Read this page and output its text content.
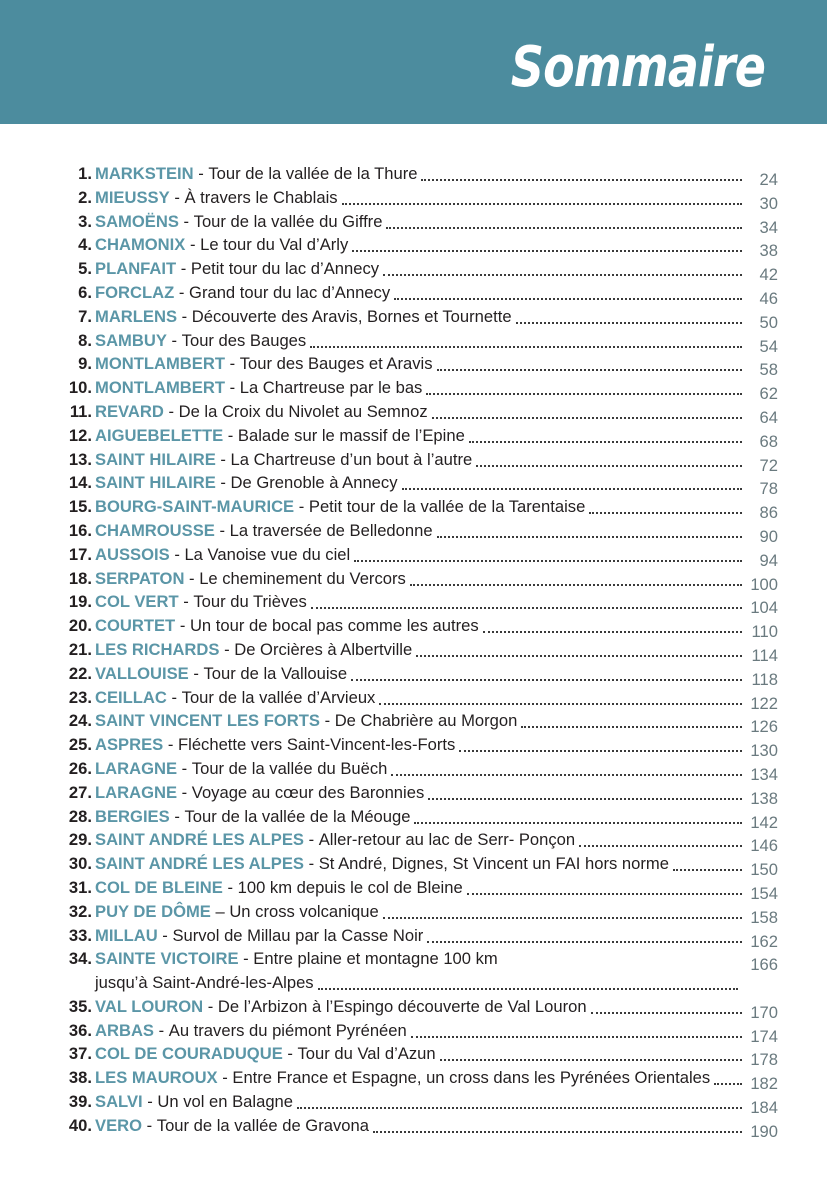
Sommaire
1. MARKSTEIN - Tour de la vallée de la Thure	24
2. MIEUSSY - À travers le Chablais	30
3. SAMOËNS - Tour de la vallée du Giffre	34
4. CHAMONIX - Le tour du Val d’Arly	38
5. PLANFAIT - Petit tour du lac d’Annecy	42
6. FORCLAZ - Grand tour du lac d’Annecy	46
7. MARLENS - Découverte des Aravis, Bornes et Tournette	50
8. SAMBUY - Tour des Bauges	54
9. MONTLAMBERT - Tour des Bauges et Aravis	58
10. MONTLAMBERT - La Chartreuse par le bas	62
11. REVARD - De la Croix du Nivolet au Semnoz	64
12. AIGUEBELETTE - Balade sur le massif de l’Epine	68
13. SAINT HILAIRE - La Chartreuse d’un bout à l’autre	72
14. SAINT HILAIRE - De Grenoble à Annecy	78
15. BOURG-SAINT-MAURICE - Petit tour de la vallée de la Tarentaise	86
16. CHAMROUSSE - La traversée de Belledonne	90
17. AUSSOIS - La Vanoise vue du ciel	94
18. SERPATON - Le cheminement du Vercors	100
19. COL VERT - Tour du Trièves	104
20. COURTET - Un tour de bocal pas comme les autres	110
21. LES RICHARDS - De Orcières à Albertville	114
22. VALLOUISE - Tour de la Vallouise	118
23. CEILLAC - Tour de la vallée d’Arvieux	122
24. SAINT VINCENT LES FORTS - De Chabrière au Morgon	126
25. ASPRES - Fléchette vers Saint-Vincent-les-Forts	130
26. LARAGNE - Tour de la vallée du Buëch	134
27. LARAGNE - Voyage au cœur des Baronnies	138
28. BERGIES - Tour de la vallée de la Méouge	142
29. SAINT ANDRÉ LES ALPES - Aller-retour au lac de Serr- Ponçon	146
30. SAINT ANDRÉ LES ALPES - St André, Dignes, St Vincent un FAI hors norme	150
31. COL DE BLEINE - 100 km depuis le col de Bleine	154
32. PUY DE DÔME – Un cross volcanique	158
33. MILLAU - Survol de Millau par la Casse Noir	162
34. SAINTE VICTOIRE - Entre plaine et montagne 100 km	166
jusqu’à Saint-André-les-Alpes
35. VAL LOURON - De l’Arbizon à l’Espingo découverte de Val Louron	170
36. ARBAS - Au travers du piémont Pyrénéen	174
37. COL DE COURADUQUE - Tour du Val d’Azun	178
38. LES MAUROUX - Entre France et Espagne, un cross dans les Pyrénées Orientales 182
39. SALVI - Un vol en Balagne	184
40. VERO - Tour de la vallée de Gravona	190
